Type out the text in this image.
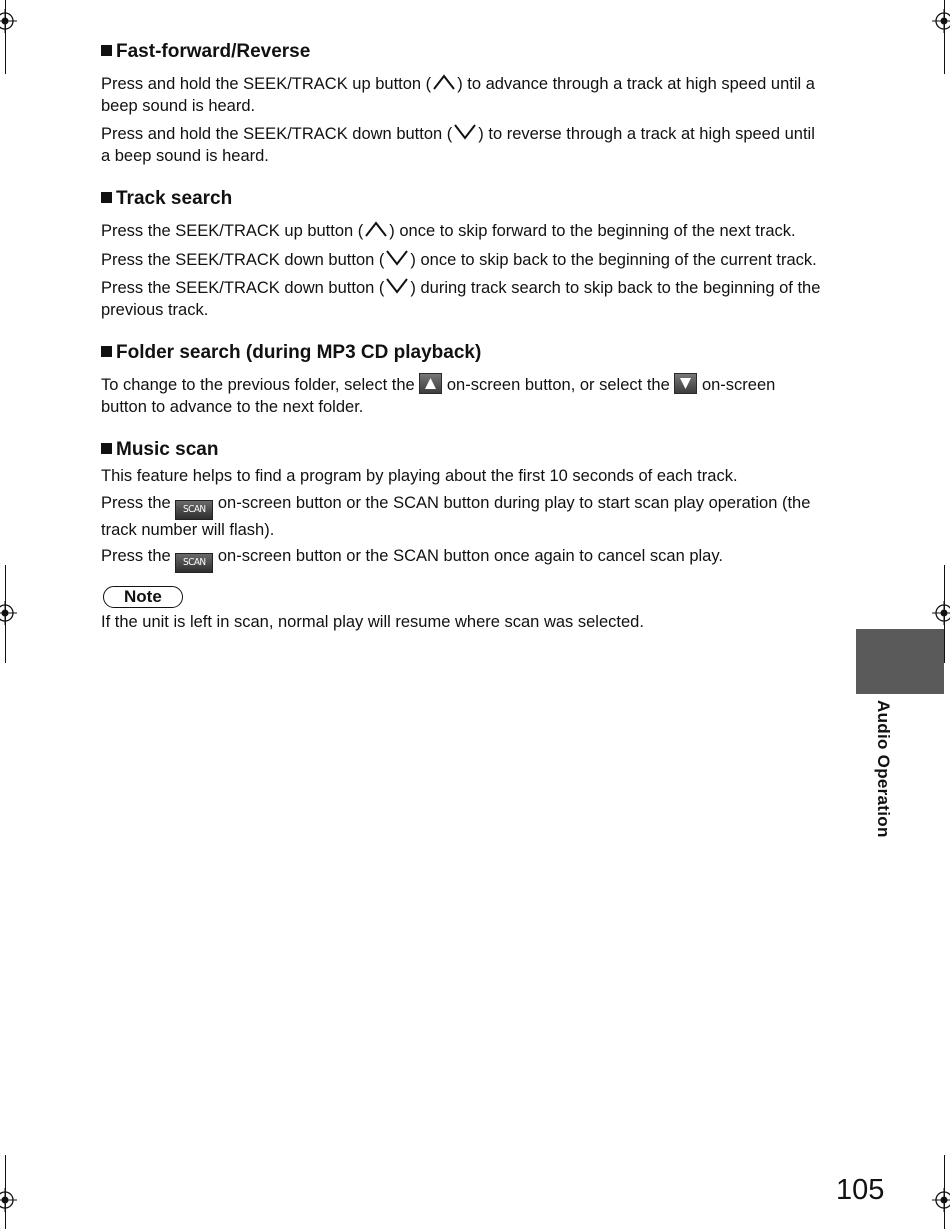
Fast-forward/Reverse

Press and hold the SEEK/TRACK up button ( ) to advance through a track at high speed until a beep sound is heard.

Press and hold the SEEK/TRACK down button ( ) to reverse through a track at high speed until a beep sound is heard.

Track search

Press the SEEK/TRACK up button ( ) once to skip forward to the beginning of the next track.

Press the SEEK/TRACK down button ( ) once to skip back to the beginning of the current track.

Press the SEEK/TRACK down button ( ) during track search to skip back to the beginning of the previous track.

Folder search (during MP3 CD playback)

To change to the previous folder, select the
on-screen button, or select the
on-screen button to advance to the next folder.

Music scan

This feature helps to find a program by playing about the first 10 seconds of each track.

Press the SCAN on-screen button or the SCAN button during play to start scan play operation (the track number will flash).

Press the SCAN on-screen button or the SCAN button once again to cancel scan play.

Note

If the unit is left in scan, normal play will resume where scan was selected.

Audio Operation
105
